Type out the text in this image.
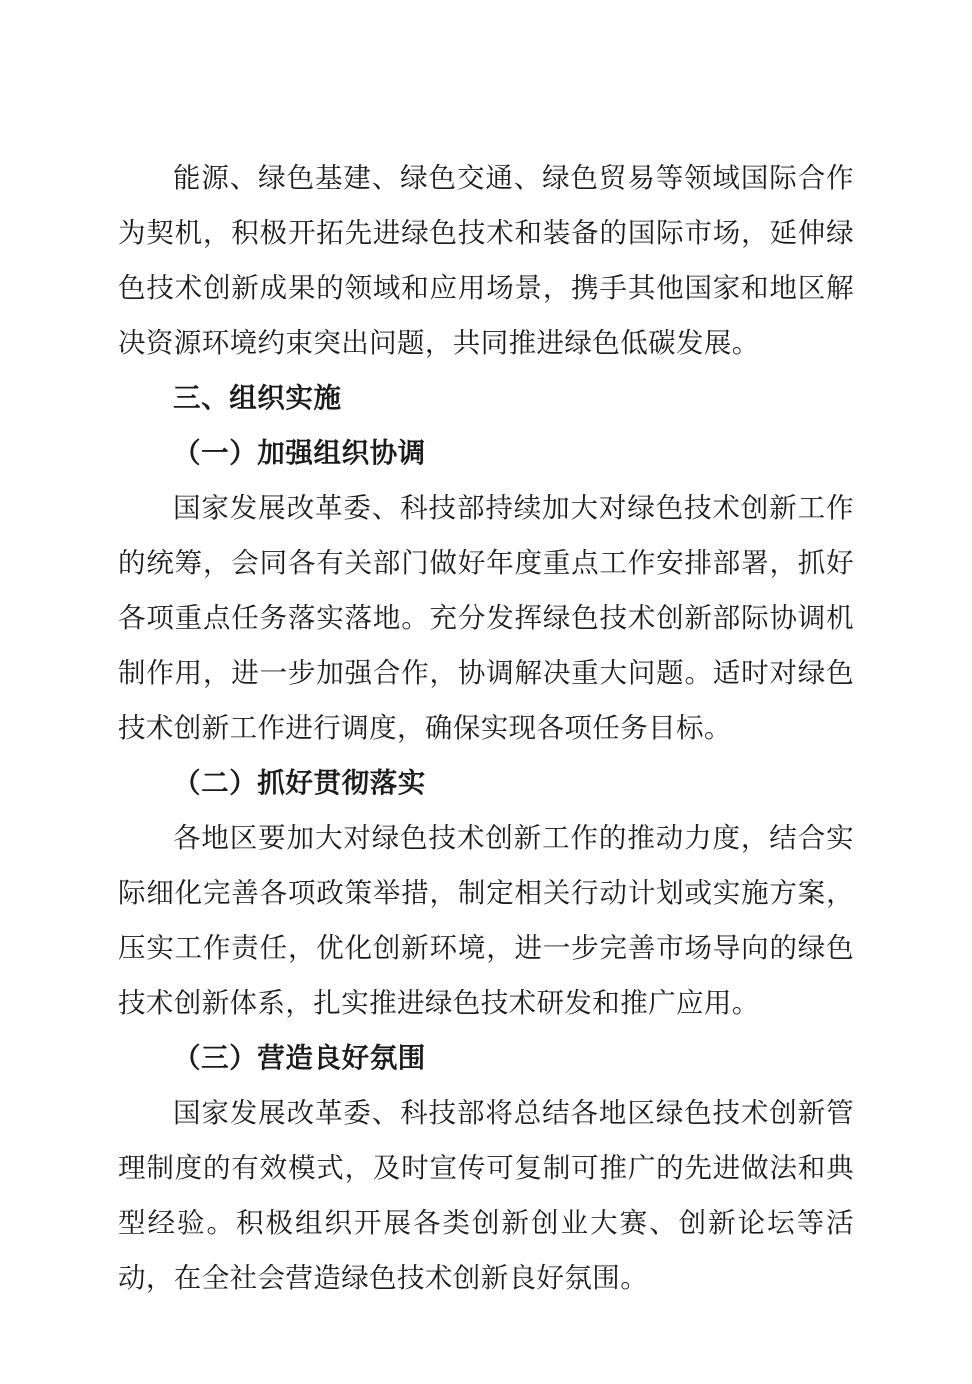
能源、绿色基建、绿色交通、绿色贸易等领域国际合作为契机，积极开拓先进绿色技术和装备的国际市场，延伸绿色技术创新成果的领域和应用场景，携手其他国家和地区解决资源环境约束突出问题，共同推进绿色低碳发展。

三、组织实施

（一）加强组织协调

国家发展改革委、科技部持续加大对绿色技术创新工作的统筹，会同各有关部门做好年度重点工作安排部署，抓好各项重点任务落实落地。充分发挥绿色技术创新部际协调机制作用，进一步加强合作，协调解决重大问题。适时对绿色技术创新工作进行调度，确保实现各项任务目标。

（二）抓好贯彻落实

各地区要加大对绿色技术创新工作的推动力度，结合实际细化完善各项政策举措，制定相关行动计划或实施方案，压实工作责任，优化创新环境，进一步完善市场导向的绿色技术创新体系，扎实推进绿色技术研发和推广应用。

（三）营造良好氛围

国家发展改革委、科技部将总结各地区绿色技术创新管理制度的有效模式，及时宣传可复制可推广的先进做法和典型经验。积极组织开展各类创新创业大赛、创新论坛等活动，在全社会营造绿色技术创新良好氛围。
